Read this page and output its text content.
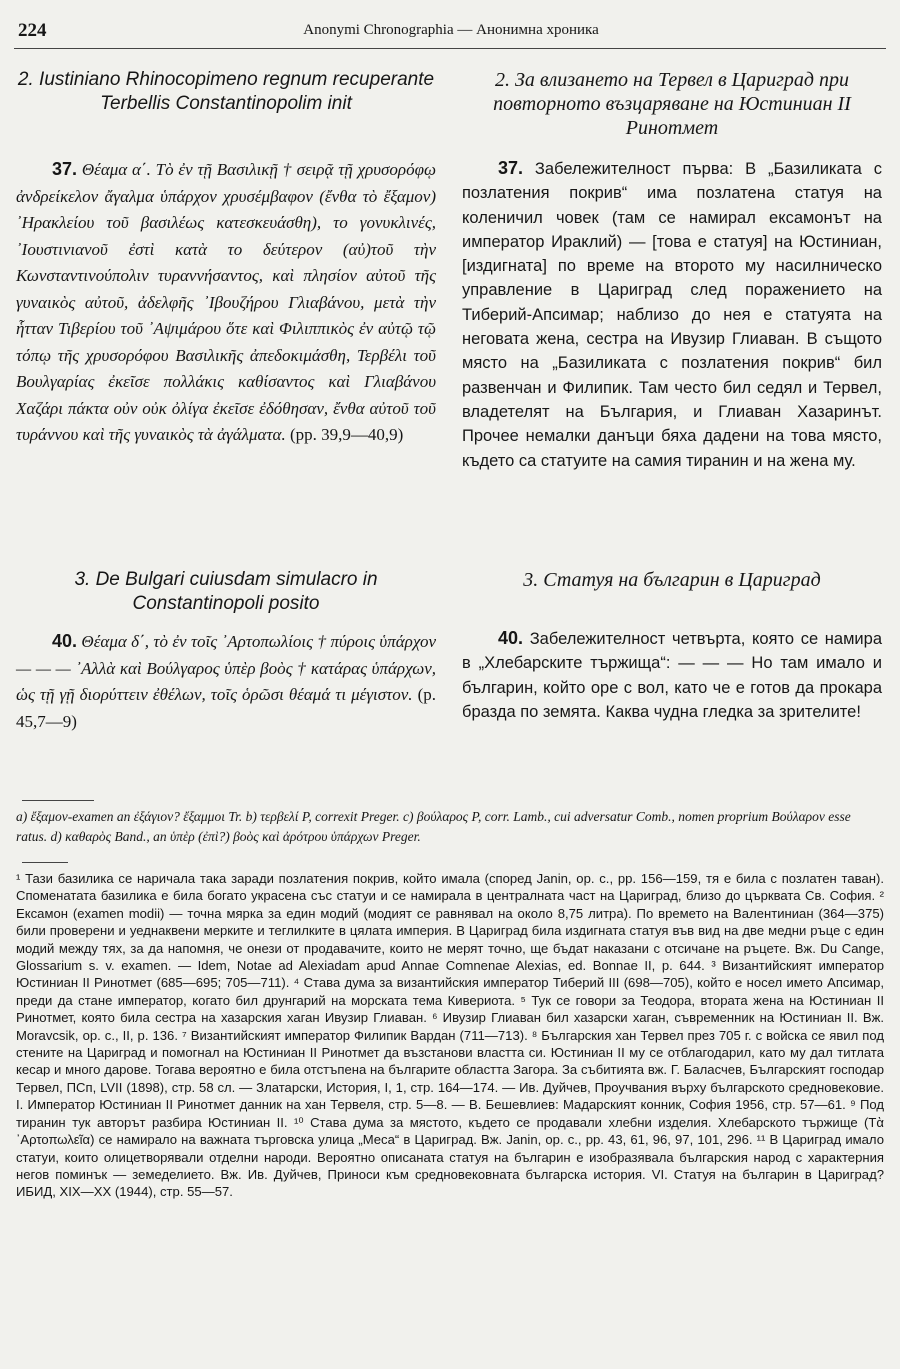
224	Anonymi Chronographia — Анонимна хроника

2. Iustiniano Rhinocopimeno regnum recuperante Terbellis Constantinopolim init

37. Θέαμα α΄. Τὸ ἐν τῇ Βασιλικῇ † σειρᾷ τῇ χρυσορόφῳ ἀνδρείκελον ἄγαλμα ὑπάρχον χρυσέμβαφον (ἔνθα τὸ ἔξαμον) ᾿Ηρακλείου τοῦ βασιλέως κατεσκευάσθη), το γονυκλινές, ᾿Ιουστινιανοῦ ἐστὶ κατὰ το δεύτερον (αὐ)τοῦ τὴν Κωνσταντινούπολιν τυραννήσαντος, καὶ πλησίον αὐτοῦ τῆς γυναικὸς αὐτοῦ, ἀδελφῆς ᾿Ιβουζήρου Γλιαβάνου, μετὰ τὴν ἧτταν Τιβερίου τοῦ ᾿Αψιμάρου ὅτε καὶ Φιλιππικὸς ἐν αὐτῷ τῷ τόπῳ τῆς χρυσορόφου Βασιλικῆς ἀπεδοκιμάσθη, Τερβέλι τοῦ Βουλγαρίας ἐκεῖσε πολλάκις καθίσαντος καὶ Γλιαβάνου Χαζάρι πάκτα οὐν οὐκ ὀλίγα ἐκεῖσε ἐδόθησαν, ἔνθα αὐτοῦ τοῦ τυράννου καὶ τῆς γυναικὸς τὰ ἀγάλματα. (pp. 39,9—40,9)

2. За влизането на Тервел в Цариград при повторното възцаряване на Юстиниан II Ринотмет

37. Забележителност първа: В „Базиликата с позлатения покрив“ има позлатена статуя на коленичил човек (там се намирал ексамонът на император Ираклий) — [това е статуя] на Юстиниан, [издигната] по време на второто му насилническо управление в Цариград след поражението на Тиберий-Апсимар; наблизо до нея е статуята на неговата жена, сестра на Ивузир Глиаван. В същото място на „Базиликата с позлатения покрив“ бил развенчан и Филипик. Там често бил седял и Тервел, владетелят на България, и Глиаван Хазаринът. Прочее немалки данъци бяха дадени на това място, където са статуите на самия тиранин и на жена му.

3. De Bulgari cuiusdam simulacro in Constantinopoli posito

40. Θέαμα δ΄, τὸ ἐν τοῖς ᾿Αρτοπωλίοις † πύροις ὑπάρχον — — — ᾿Αλλὰ καὶ Βούλγαρος ὑπὲρ βοὸς † κατάρας ὑπάρχων, ὡς τῇ γῇ διορύττειν ἐθέλων, τοῖς ὁρῶσι θέαμά τι μέγιστον. (p. 45,7—9)

3. Статуя на българин в Цариград

40. Забележителност четвърта, която се намира в „Хлебарските тържища“: — — — Но там имало и българин, който оре с вол, като че е готов да прокара бразда по земята. Каква чудна гледка за зрителите!

a) ἔξαμον-examen an ἐξάγιον? ἔξαμμοι Tr. b) τερβελί P, correxit Preger. c) βούλαρος P, corr. Lamb., cui adversatur Comb., nomen proprium Βούλαρον esse ratus. d) καθαρὸς Band., an ὑπὲρ (ἐπὶ?) βοὸς καὶ ἀρότρου ὑπάρχων Preger.

¹ Тази базилика се наричала така заради позлатения покрив, който имала (според Janin, op. c., pp. 156—159, тя е била с позлатен таван). Споменатата базилика е била богато украсена със статуи и се намирала в централната част на Цариград, близо до църквата Св. София. ² Ексамон (examen modii) — точна мярка за един модий (модият се равнявал на около 8,75 литра). По времето на Валентиниан (364—375) били проверени и уеднаквени мерките и теглилките в цялата империя. В Цариград била издигната статуя във вид на две медни ръце с един модий между тях, за да напомня, че онези от продавачите, които не мерят точно, ще бъдат наказани с отсичане на ръцете. Вж. Du Cange, Glossarium s. v. examen. — Idem, Notae ad Alexiadam apud Annae Comnenae Alexias, ed. Bonnae II, p. 644. ³ Византийският император Юстиниан II Ринотмет (685—695; 705—711). ⁴ Става дума за византийския император Тиберий III (698—705), който е носел името Апсимар, преди да стане император, когато бил друнгарий на морската тема Кивериота. ⁵ Тук се говори за Теодора, втората жена на Юстиниан II Ринотмет, която била сестра на хазарския хаган Ивузир Глиаван. ⁶ Ивузир Глиаван бил хазарски хаган, съвременник на Юстиниан II. Вж. Moravcsik, op. c., II, p. 136. ⁷ Византийският император Филипик Вардан (711—713). ⁸ Българския хан Тервел през 705 г. с войска се явил под стените на Цариград и помогнал на Юстиниан II Ринотмет да възстанови властта си. Юстиниан II му се отблагодарил, като му дал титлата кесар и много дарове. Тогава вероятно е била отстъпена на българите областта Загора. За събитията вж. Г. Баласчев, Българският господар Тервел, ПСп, LVII (1898), стр. 58 сл. — Златарски, История, I, 1, стр. 164—174. — Ив. Дуйчев, Проучвания върху българското средновековие. I. Император Юстиниан II Ринотмет данник на хан Тервеля, стр. 5—8. — В. Бешевлиев: Мадарският конник, София 1956, стр. 57—61. ⁹ Под тиранин тук авторът разбира Юстиниан II. ¹⁰ Става дума за мястото, където се продавали хлебни изделия. Хлебарското тържище (Τὰ ᾿Αρτοπωλεῖα) се намирало на важната търговска улица „Меса“ в Цариград. Вж. Janin, op. c., pp. 43, 61, 96, 97, 101, 296. ¹¹ В Цариград имало статуи, които олицетворявали отделни народи. Вероятно описаната статуя на българин е изобразявала българския народ с характерния негов поминък — земеделието. Вж. Ив. Дуйчев, Приноси към средновековната българска история. VI. Статуя на българин в Цариград? ИБИД, XIX—XX (1944), стр. 55—57.
